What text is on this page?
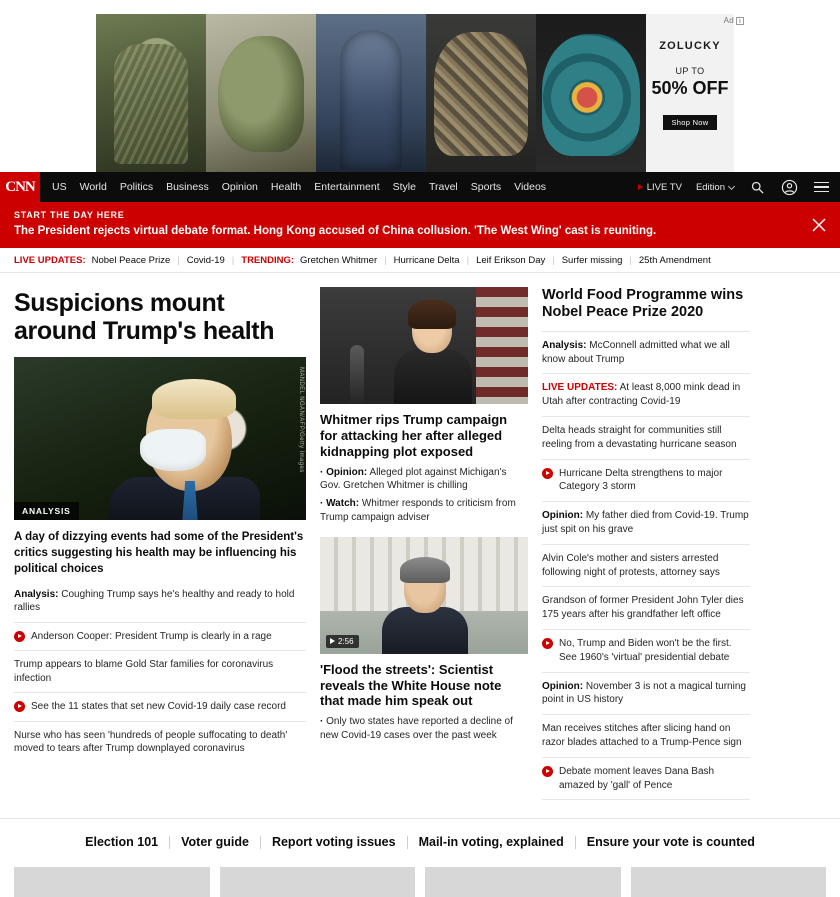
Ad i
ZOLUCKY
UP TO
50% OFF
Shop Now
CNN	US World Politics Business Opinion Health Entertainment Style Travel Sports Videos	LIVE TV Edition
START THE DAY HERE
The President rejects virtual debate format. Hong Kong accused of China collusion. 'The West Wing' cast is reuniting.
LIVE UPDATES: Nobel Peace Prize | Covid-19 | TRENDING: Gretchen Whitmer | Hurricane Delta | Leif Erikson Day | Surfer missing | 25th Amendment
Suspicions mount around Trump's health
MANDEL NGAN/AFP/Getty Images
ANALYSIS
A day of dizzying events had some of the President's critics suggesting his health may be influencing his political choices
Analysis: Coughing Trump says he's healthy and ready to hold rallies
Anderson Cooper: President Trump is clearly in a rage
Trump appears to blame Gold Star families for coronavirus infection
See the 11 states that set new Covid-19 daily case record
Nurse who has seen 'hundreds of people suffocating to death' moved to tears after Trump downplayed coronavirus
Whitmer rips Trump campaign for attacking her after alleged kidnapping plot exposed
· Opinion: Alleged plot against Michigan's Gov. Gretchen Whitmer is chilling
· Watch: Whitmer responds to criticism from Trump campaign adviser
2:56
'Flood the streets': Scientist reveals the White House note that made him speak out
· Only two states have reported a decline of new Covid-19 cases over the past week
World Food Programme wins Nobel Peace Prize 2020
Analysis: McConnell admitted what we all know about Trump
LIVE UPDATES: At least 8,000 mink dead in Utah after contracting Covid-19
Delta heads straight for communities still reeling from a devastating hurricane season
Hurricane Delta strengthens to major Category 3 storm
Opinion: My father died from Covid-19. Trump just spit on his grave
Alvin Cole's mother and sisters arrested following night of protests, attorney says
Grandson of former President John Tyler dies 175 years after his grandfather left office
No, Trump and Biden won't be the first. See 1960's 'virtual' presidential debate
Opinion: November 3 is not a magical turning point in US history
Man receives stitches after slicing hand on razor blades attached to a Trump-Pence sign
Debate moment leaves Dana Bash amazed by 'gall' of Pence
Election 101	Voter guide	Report voting issues	Mail-in voting, explained	Ensure your vote is counted
